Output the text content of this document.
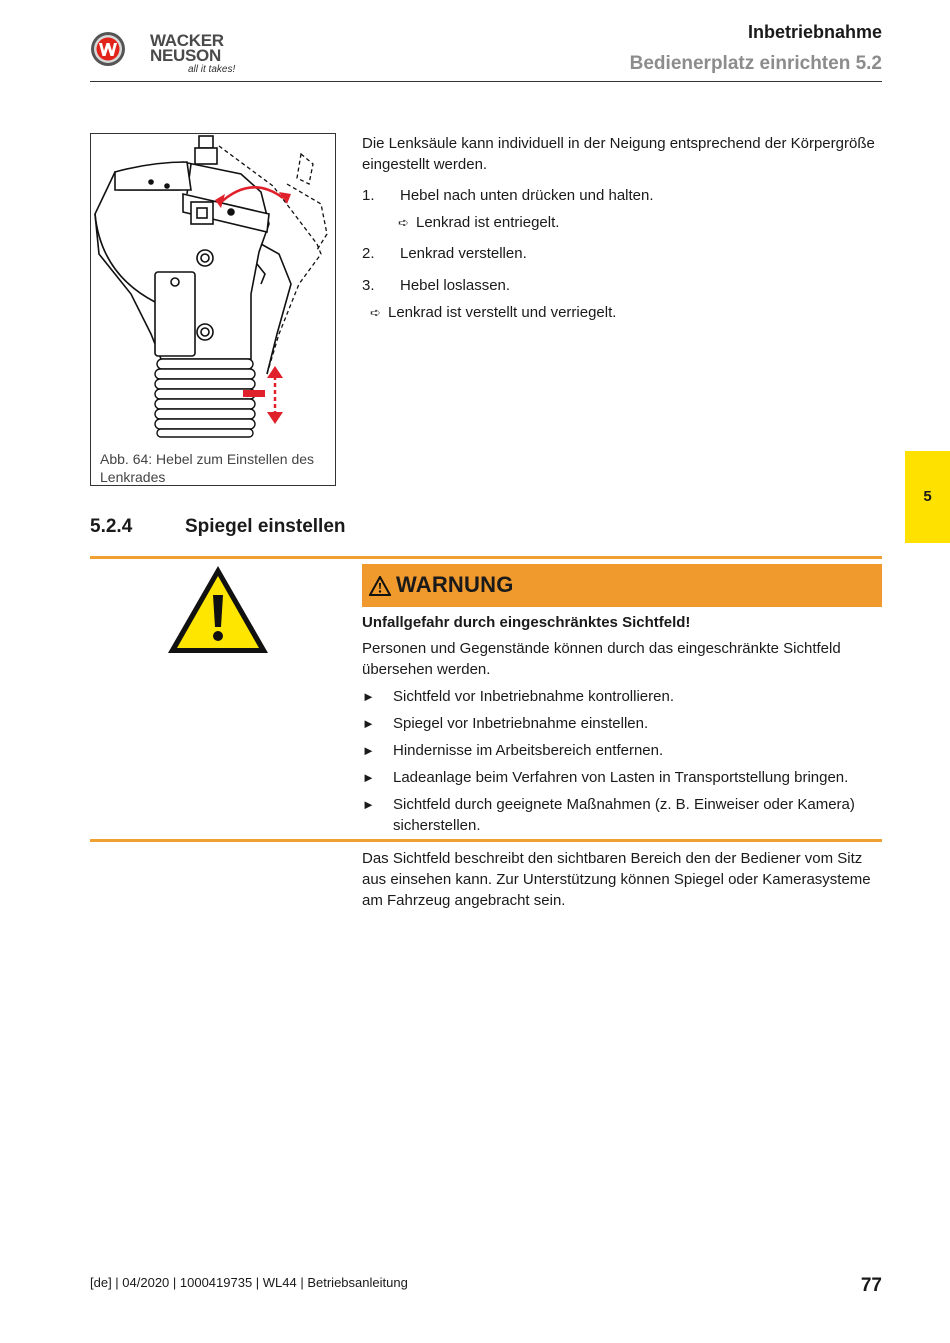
WACKER
NEUSON
all it takes!
Inbetriebnahme
Bedienerplatz einrichten 5.2
Abb. 64: Hebel zum Einstellen des Lenkrades
Die Lenksäule kann individuell in der Neigung entsprechend der Körpergröße eingestellt werden.
1. Hebel nach unten drücken und halten.
➪ Lenkrad ist entriegelt.
2. Lenkrad verstellen.
3. Hebel loslassen.
➪ Lenkrad ist verstellt und verriegelt.
5.2.4	Spiegel einstellen
WARNUNG
Unfallgefahr durch eingeschränktes Sichtfeld!
Personen und Gegenstände können durch das eingeschränkte Sichtfeld übersehen werden.
► Sichtfeld vor Inbetriebnahme kontrollieren.
► Spiegel vor Inbetriebnahme einstellen.
► Hindernisse im Arbeitsbereich entfernen.
► Ladeanlage beim Verfahren von Lasten in Transportstellung bringen.
► Sichtfeld durch geeignete Maßnahmen (z. B. Einweiser oder Kamera) sicherstellen.
Das Sichtfeld beschreibt den sichtbaren Bereich den der Bediener vom Sitz aus einsehen kann. Zur Unterstützung können Spiegel oder Kamerasysteme am Fahrzeug angebracht sein.
5
[de] | 04/2020 | 1000419735 | WL44 | Betriebsanleitung	77
